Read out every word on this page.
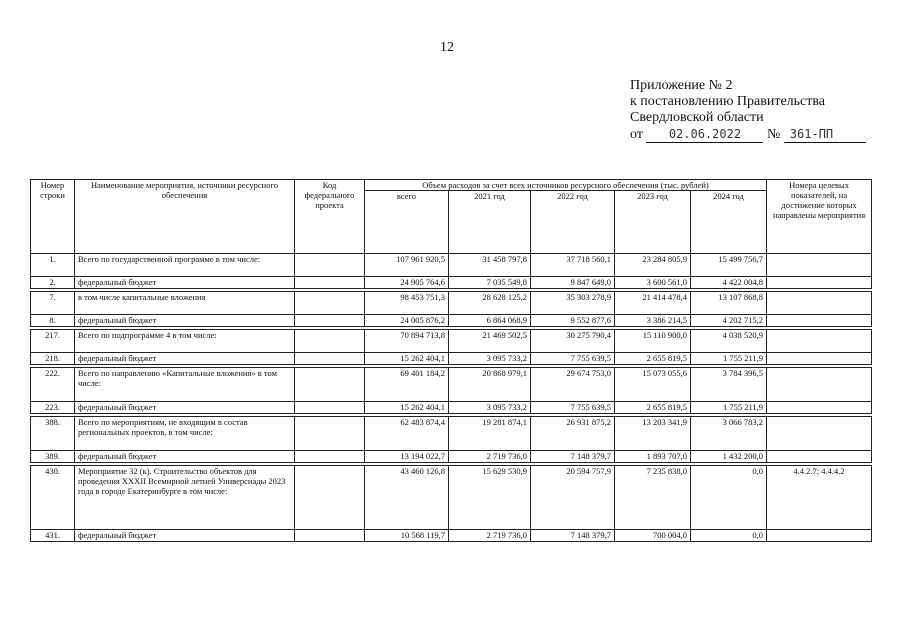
12
Приложение № 2
к постановлению Правительства
Свердловской области
от 02.06.2022 № 361-ПП
Номер строки	Наименование мероприятия, источники ресурсного обеспечения	Код федерального проекта	Объем расходов за счет всех источников ресурсного обеспечения (тыс. рублей)					Номера целевых показателей, на достижение которых направлены мероприятия
			всего	2021 год	2022 год	2023 год	2024 год	
1.	Всего по государственной программе в том числе:		107 961 920,5	31 458 797,8	37 718 560,1	23 284 805,9	15 499 756,7	
2.	федеральный бюджет		24 905 764,6	7 035 549,8	9 847 649,0	3 600 561,0	4 422 004,8	

7.	в том числе капитальные вложения		98 453 751,3	28 628 125,2	35 303 278,9	21 414 478,4	13 107 868,8	
8.	федеральный бюджет		24 005 876,2	6 864 068,9	9 552 877,6	3 386 214,5	4 202 715,2	

217.	Всего по подпрограмме 4 в том числе:		70 894 713,8	21 469 502,5	30 275 790,4	15 110 900,0	4 038 520,9	
218.	федеральный бюджет		15 262 404,1	3 095 733,2	7 755 639,5	2 655 819,5	1 755 211,9	

222.	Всего по направлению «Капитальные вложения» в том числе:		69 401 184,2	20 868 979,1	29 674 753,0	15 073 055,6	3 784 396,5	
223.	федеральный бюджет		15 262 404,1	3 095 733,2	7 755 639,5	2 655 819,5	1 755 211,9	

388.	Всего по мероприятиям, не входящим в состав региональных проектов, в том числе:		62 483 874,4	19 281 874,1	26 931 875,2	13 203 341,9	3 066 783,2	
389.	федеральный бюджет		13 194 022,7	2 719 736,0	7 148 379,7	1 893 707,0	1 432 200,0	

430.	Мероприятие 32 (к). Строительство объектов для проведения XXXII Всемирной летней Универсиады 2023 года в городе Екатеринбурге в том числе:		43 460 126,8	15 629 530,9	20 594 757,9	7 235 838,0	0,0	4.4.2.7; 4.4.4.2
431.	федеральный бюджет		10 568 119,7	2 719 736,0	7 148 379,7	700 004,0	0,0	
